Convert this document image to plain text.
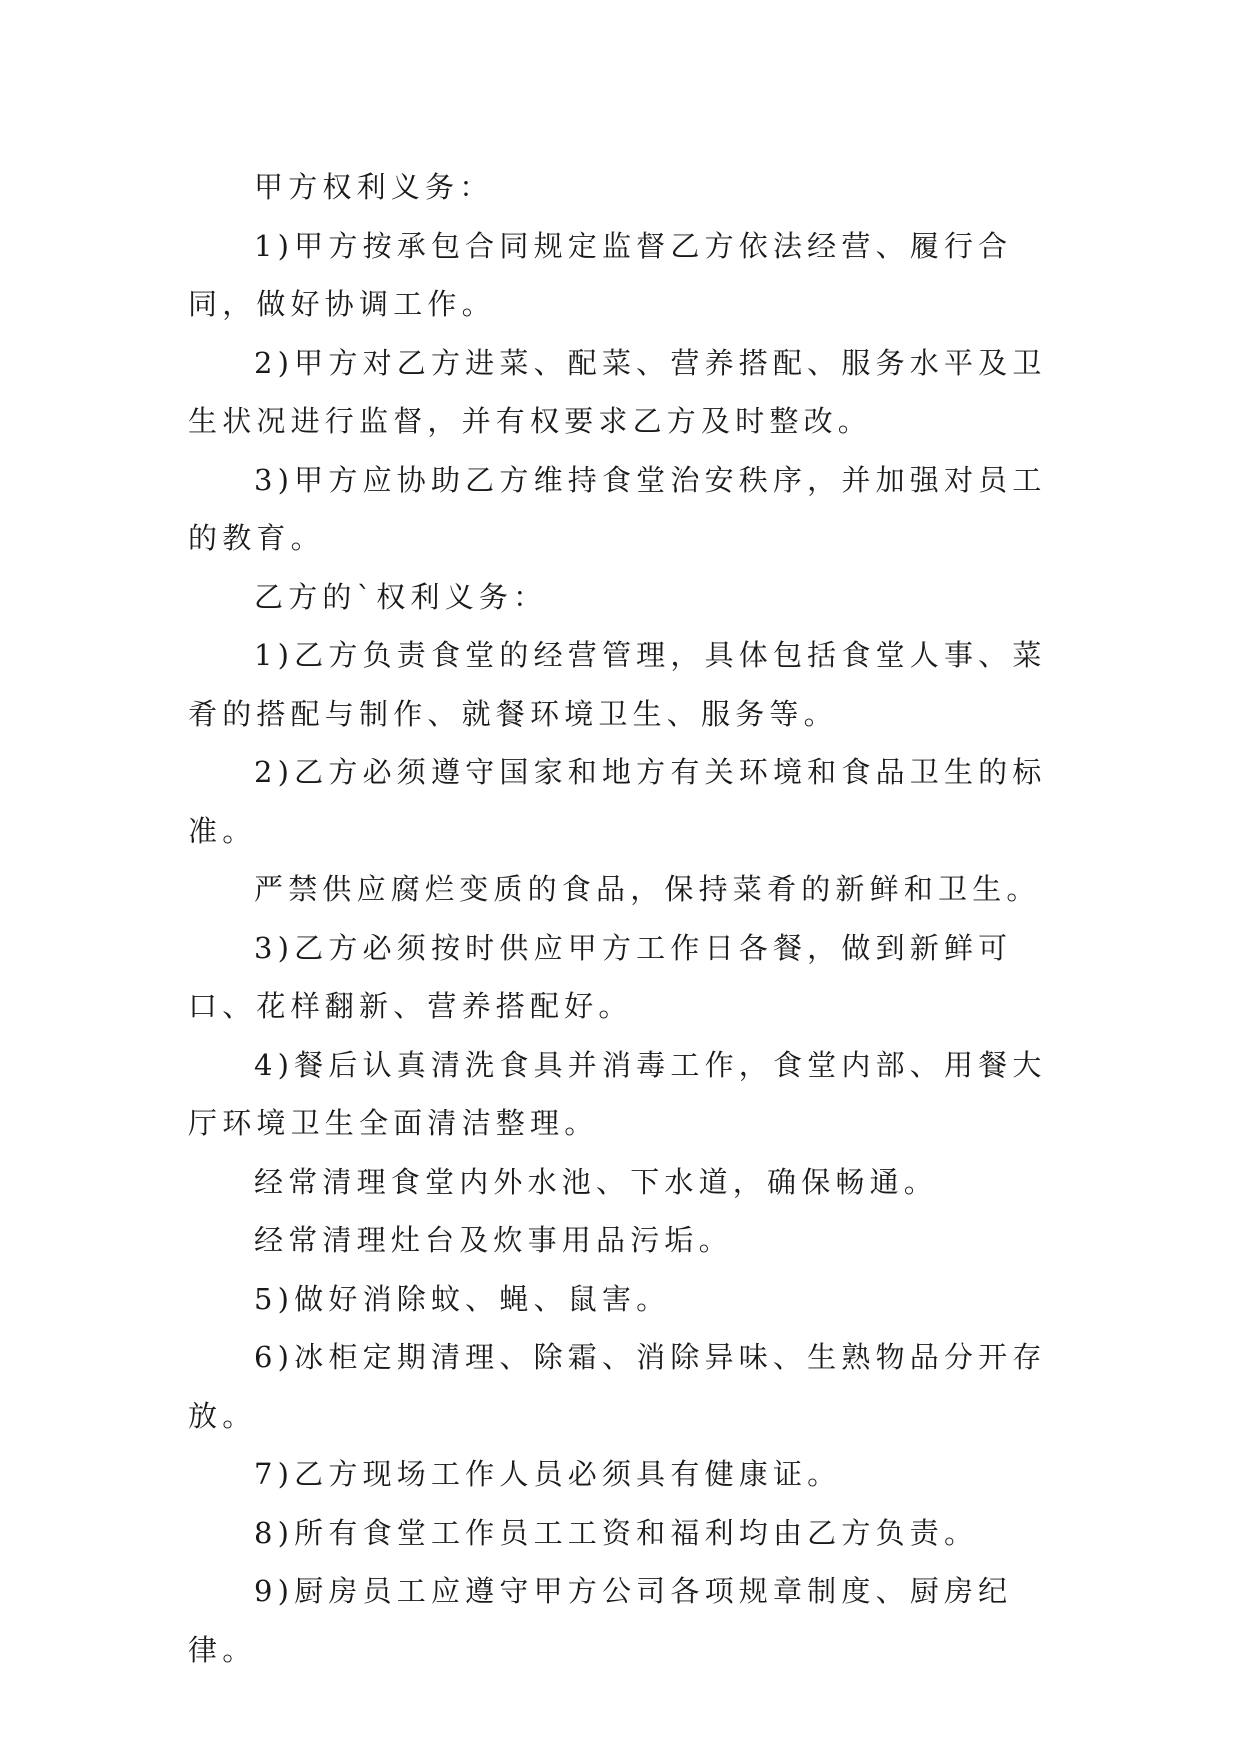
甲方权利义务：

1)甲方按承包合同规定监督乙方依法经营、履行合同，做好协调工作。

2)甲方对乙方进菜、配菜、营养搭配、服务水平及卫生状况进行监督，并有权要求乙方及时整改。

3)甲方应协助乙方维持食堂治安秩序，并加强对员工的教育。

乙方的`权利义务：

1)乙方负责食堂的经营管理，具体包括食堂人事、菜肴的搭配与制作、就餐环境卫生、服务等。

2)乙方必须遵守国家和地方有关环境和食品卫生的标准。

严禁供应腐烂变质的食品，保持菜肴的新鲜和卫生。

3)乙方必须按时供应甲方工作日各餐，做到新鲜可口、花样翻新、营养搭配好。

4)餐后认真清洗食具并消毒工作，食堂内部、用餐大厅环境卫生全面清洁整理。

经常清理食堂内外水池、下水道，确保畅通。

经常清理灶台及炊事用品污垢。

5)做好消除蚊、蝇、鼠害。

6)冰柜定期清理、除霜、消除异味、生熟物品分开存放。

7)乙方现场工作人员必须具有健康证。

8)所有食堂工作员工工资和福利均由乙方负责。

9)厨房员工应遵守甲方公司各项规章制度、厨房纪律。
